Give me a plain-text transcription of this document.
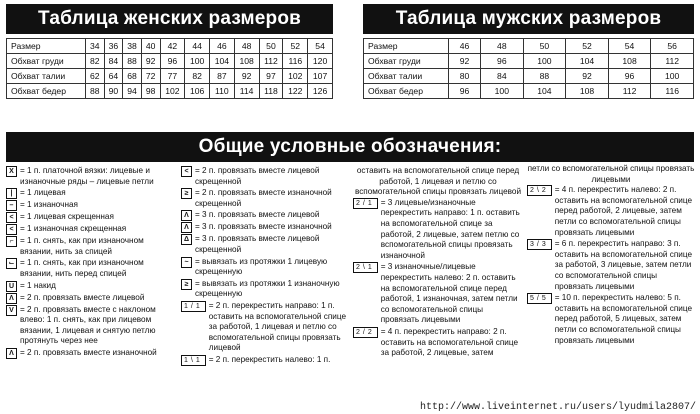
Таблица женских размеров	Таблица мужских размеров
Размер	34	36	38	40	42	44	46	48	50	52	54
Обхват груди	82	84	88	92	96	100	104	108	112	116	120
Обхват талии	62	64	68	72	77	82	87	92	97	102	107
Обхват бедер	88	90	94	98	102	106	110	114	118	122	126
Размер	46	48	50	52	54	56
Обхват груди	92	96	100	104	108	112
Обхват талии	80	84	88	92	96	100
Обхват бедер	96	100	104	108	112	116
Общие условные обозначения:
X = 1 п. платочной вязки: лицевые и изнаночные ряды – лицевые петли
| = 1 лицевая
– = 1 изнаночная
< = 1 лицевая скрещенная
< = 1 изнаночная скрещенная
⌐ = 1 п. снять, как при изнаночном вязании, нить за спицей
⌙ = 1 п. снять, как при изнаночном вязании, нить перед спицей
U = 1 накид
Λ = 2 п. провязать вместе лицевой
V = 2 п. провязать вместе с наклоном влево: 1 п. снять, как при лицевом вязании, 1 лицевая и снятую петлю протянуть через нее
Λ = 2 п. провязать вместе изнаночной
< = 2 п. провязать вместе лицевой скрещенной
≥ = 2 п. провязать вместе изнаночной скрещенной
Λ = 3 п. провязать вместе лицевой
Λ = 3 п. провязать вместе изнаночной
Δ = 3 п. провязать вместе лицевой скрещенной
~ = вывязать из протяжки 1 лицевую скрещенную
≥ = вывязать из протяжки 1 изнаночную скрещенную
1/1 = 2 п. перекрестить направо: 1 п. оставить на вспомогательной спице за работой, 1 лицевая и петлю со вспомогательной спицы провязать лицевой
1\1 = 2 п. перекрестить налево: 1 п.
оставить на вспомогательной спице перед работой, 1 лицевая и петлю со вспомогательной спицы провязать лицевой
2/1 = 3 лицевые/изнаночные перекрестить направо: 1 п. оставить на вспомогательной спице за работой, 2 лицевые, затем петлю со вспомогательной спицы провязать изнаночной
2\1 = 3 изнаночные/лицевые перекрестить налево: 2 п. оставить на вспомогательной спице перед работой, 1 изнаночная, затем петли со вспомогательной спицы провязать лицевыми
2/2 = 4 п. перекрестить направо: 2 п. оставить на вспомогательной спице за работой, 2 лицевые, затем
петли со вспомогательной спицы провязать лицевыми
2\2 = 4 п. перекрестить налево: 2 п. оставить на вспомогательной спице перед работой, 2 лицевые, затем петли со вспомогательной спицы провязать лицевыми
3/3 = 6 п. перекрестить направо: 3 п. оставить на вспомогательной спице за работой, 3 лицевые, затем петли со вспомогательной спицы провязать лицевыми
5/5 = 10 п. перекрестить налево: 5 п. оставить на вспомогательной спице перед работой, 5 лицевых, затем петли со вспомогательной спицы провязать лицевыми
http://www.liveinternet.ru/users/lyudmila2807/
